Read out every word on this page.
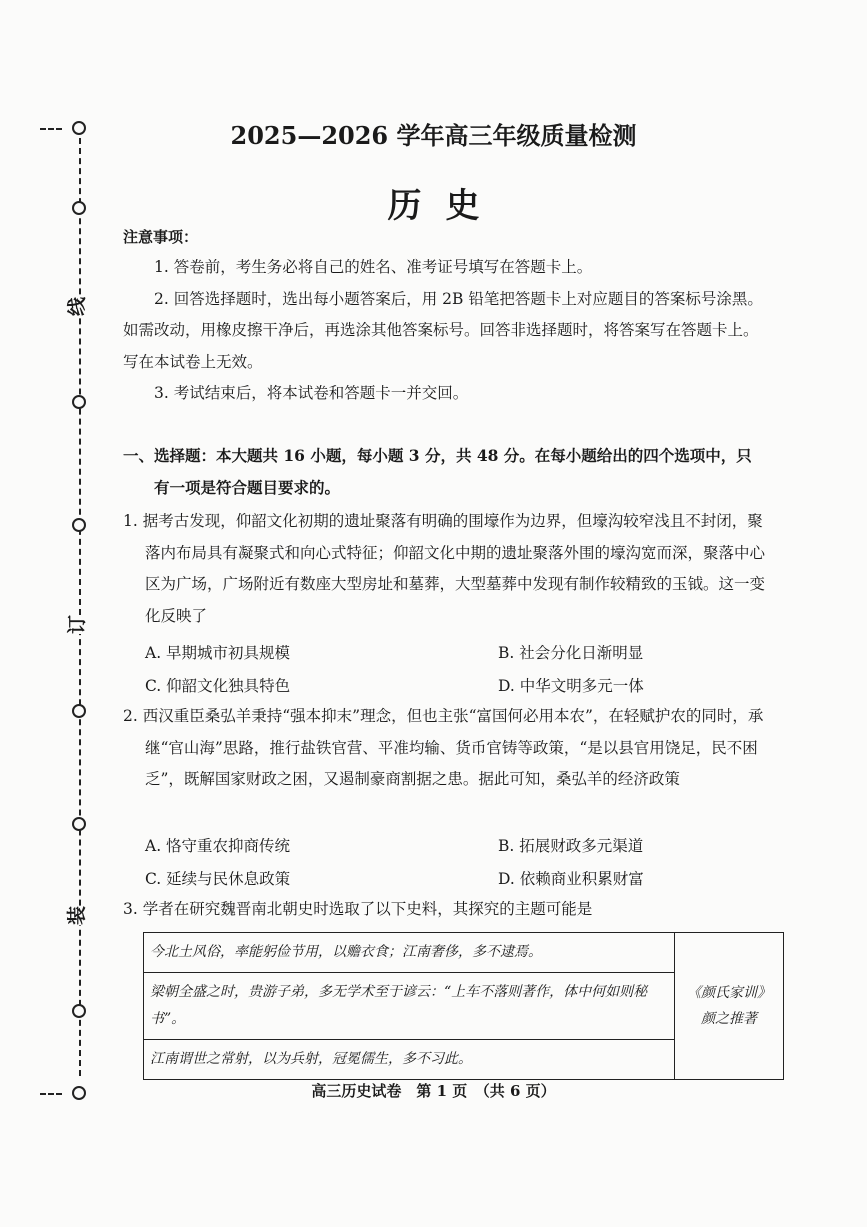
线
订
装
2025—2026 学年高三年级质量检测
历史
注意事项：

1. 答卷前，考生务必将自己的姓名、准考证号填写在答题卡上。

2. 回答选择题时，选出每小题答案后，用 2B 铅笔把答题卡上对应题目的答案标号涂黑。如需改动，用橡皮擦干净后，再选涂其他答案标号。回答非选择题时，将答案写在答题卡上。写在本试卷上无效。

3. 考试结束后，将本试卷和答题卡一并交回。

一、选择题：本大题共 16 小题，每小题 3 分，共 48 分。在每小题给出的四个选项中，只
有一项是符合题目要求的。
1. 据考古发现，仰韶文化初期的遗址聚落有明确的围壕作为边界，但壕沟较窄浅且不封闭，聚落内布局具有凝聚式和向心式特征；仰韶文化中期的遗址聚落外围的壕沟宽而深，聚落中心区为广场，广场附近有数座大型房址和墓葬，大型墓葬中发现有制作较精致的玉钺。这一变化反映了
A. 早期城市初具规模	B. 社会分化日渐明显
C. 仰韶文化独具特色	D. 中华文明多元一体
2. 西汉重臣桑弘羊秉持“强本抑末”理念，但也主张“富国何必用本农”，在轻赋护农的同时，承继“官山海”思路，推行盐铁官营、平准均输、货币官铸等政策，“是以县官用饶足，民不困乏”，既解国家财政之困，又遏制豪商割据之患。据此可知，桑弘羊的经济政策
A. 恪守重农抑商传统	B. 拓展财政多元渠道
C. 延续与民休息政策	D. 依赖商业积累财富
3. 学者在研究魏晋南北朝史时选取了以下史料，其探究的主题可能是
今北土风俗，率能躬俭节用，以赡衣食；江南奢侈，多不逮焉。	《颜氏家训》颜之推著
梁朝全盛之时，贵游子弟，多无学术至于谚云：“上车不落则著作，体中何如则秘书”。
江南谓世之常射，以为兵射，冠冕儒生，多不习此。
高三历史试卷　第 1 页　（共 6 页）
